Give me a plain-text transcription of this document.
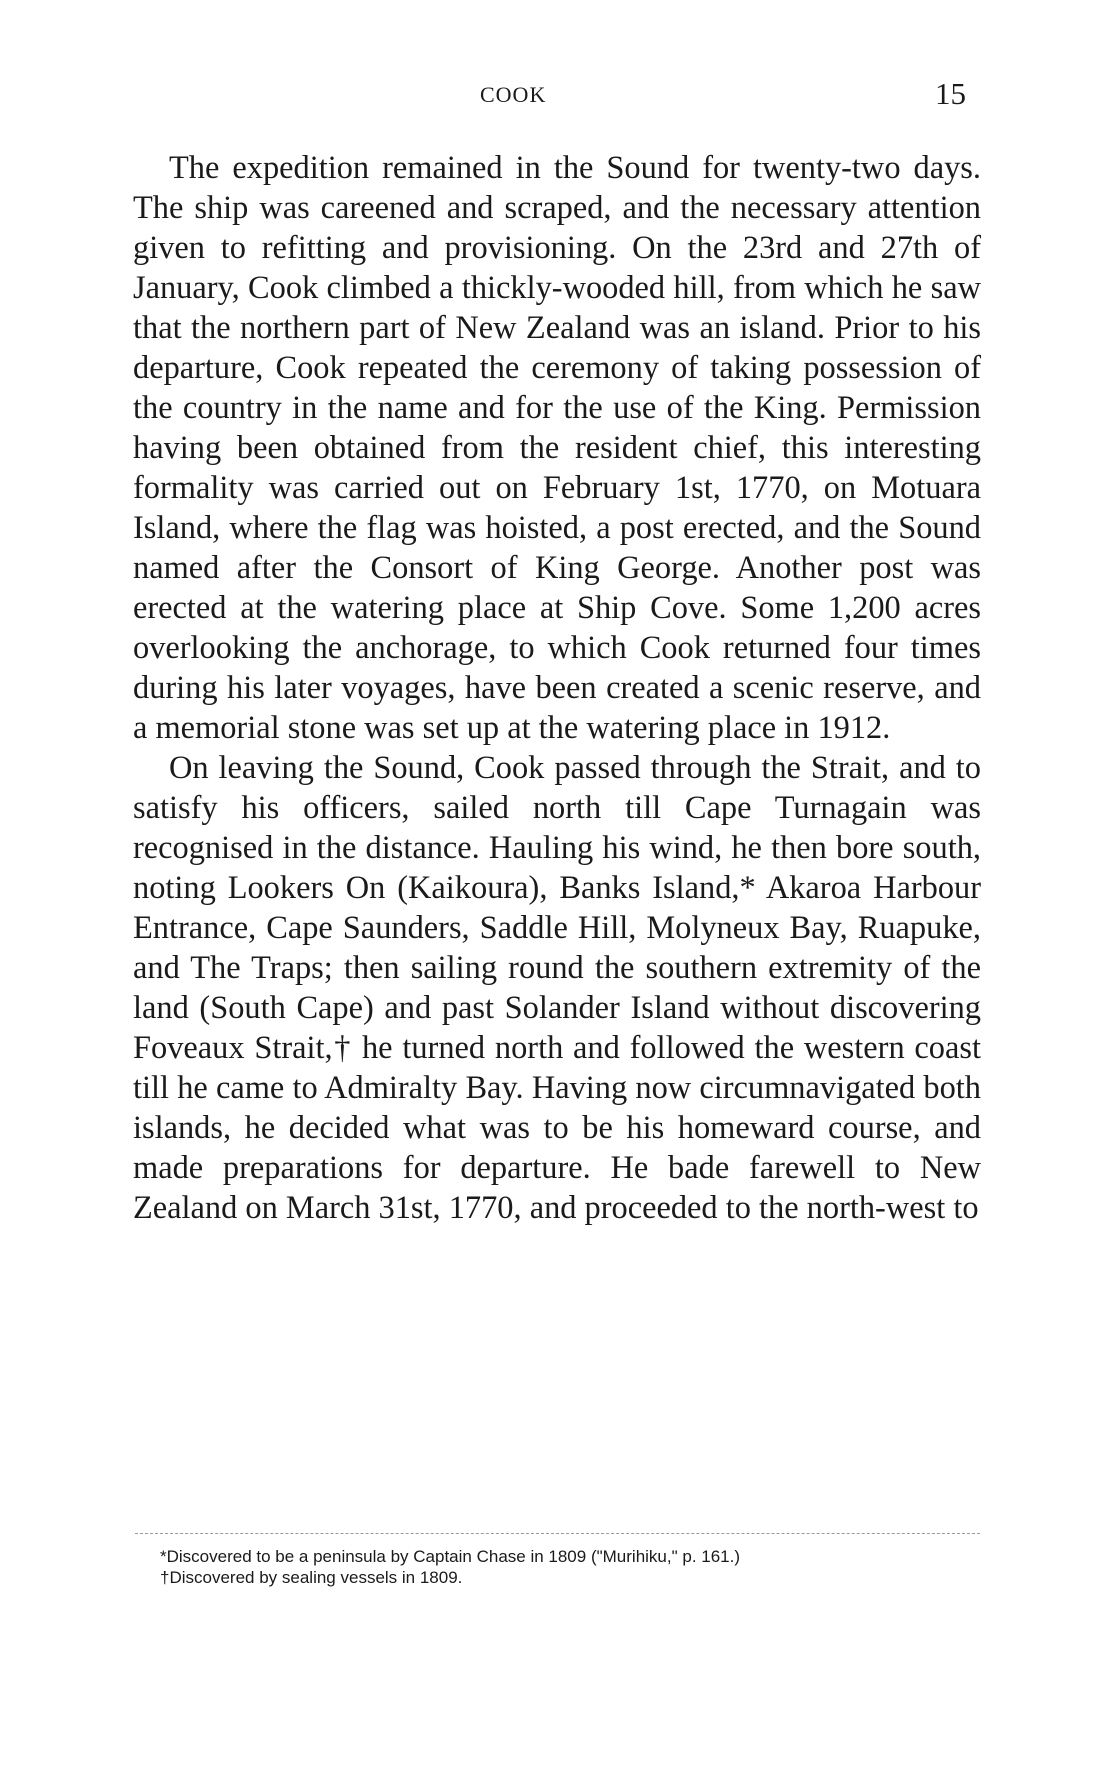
COOK	15

The expedition remained in the Sound for twenty-two days. The ship was careened and scraped, and the necessary attention given to refitting and provisioning. On the 23rd and 27th of January, Cook climbed a thickly-wooded hill, from which he saw that the northern part of New Zealand was an island. Prior to his departure, Cook repeated the ceremony of taking possession of the country in the name and for the use of the King. Permission having been obtained from the resident chief, this interesting formality was carried out on February 1st, 1770, on Motuara Island, where the flag was hoisted, a post erected, and the Sound named after the Consort of King George. Another post was erected at the watering place at Ship Cove. Some 1,200 acres overlooking the anchorage, to which Cook returned four times during his later voyages, have been created a scenic reserve, and a memorial stone was set up at the watering place in 1912.

On leaving the Sound, Cook passed through the Strait, and to satisfy his officers, sailed north till Cape Turnagain was recognised in the distance. Hauling his wind, he then bore south, noting Lookers On (Kaikoura), Banks Island,* Akaroa Harbour Entrance, Cape Saunders, Saddle Hill, Molyneux Bay, Ruapuke, and The Traps; then sailing round the southern extremity of the land (South Cape) and past Solander Island without discovering Foveaux Strait,† he turned north and followed the western coast till he came to Admiralty Bay. Having now circumnavigated both islands, he decided what was to be his homeward course, and made preparations for departure. He bade farewell to New Zealand on March 31st, 1770, and proceeded to the north-west to

*Discovered to be a peninsula by Captain Chase in 1809 ("Murihiku," p. 161.)

†Discovered by sealing vessels in 1809.
